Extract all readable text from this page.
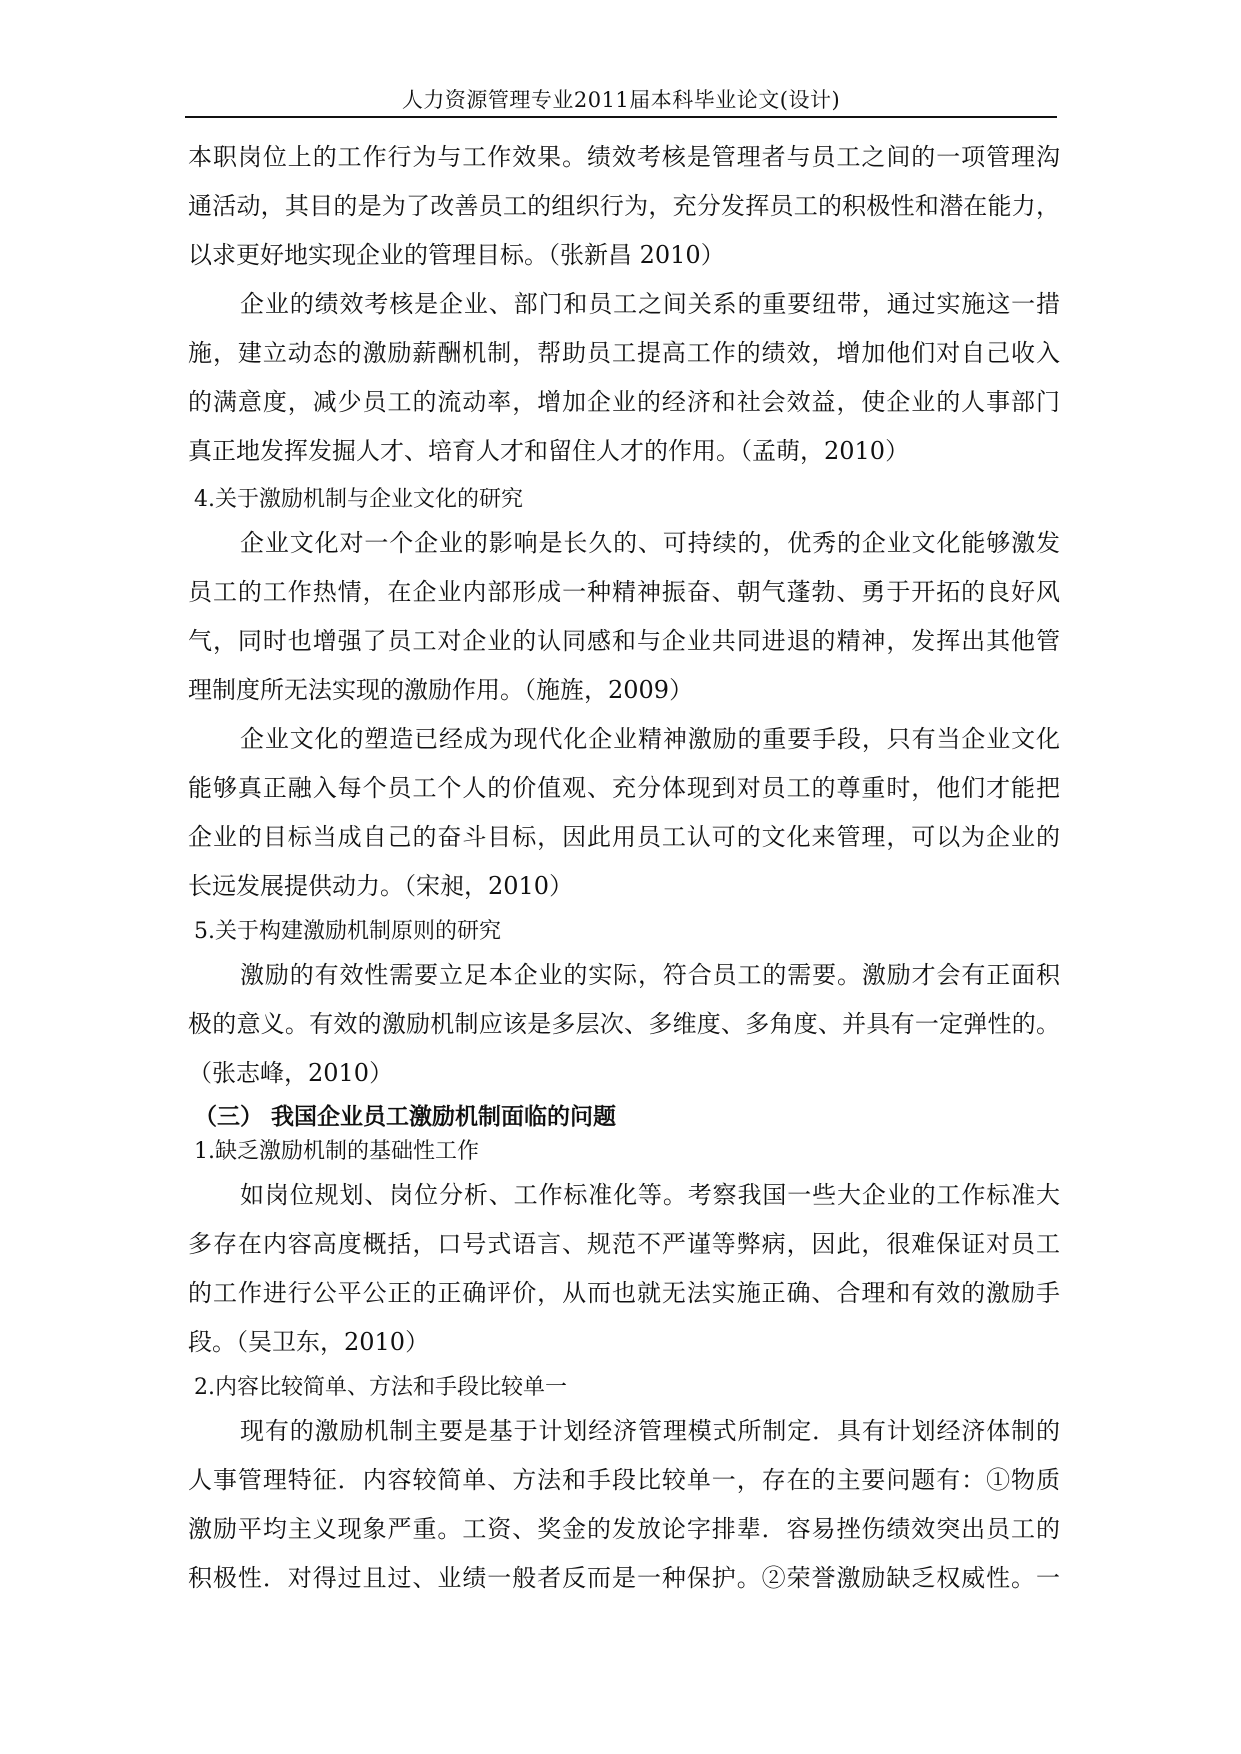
人力资源管理专业2011届本科毕业论文(设计)
本职岗位上的工作行为与工作效果。绩效考核是管理者与员工之间的一项管理沟
通活动，其目的是为了改善员工的组织行为，充分发挥员工的积极性和潜在能力，
以求更好地实现企业的管理目标。（张新昌 2010）
企业的绩效考核是企业、部门和员工之间关系的重要纽带，通过实施这一措
施，建立动态的激励薪酬机制，帮助员工提高工作的绩效，增加他们对自己收入
的满意度，减少员工的流动率，增加企业的经济和社会效益，使企业的人事部门
真正地发挥发掘人才、培育人才和留住人才的作用。（孟萌，2010）
4.关于激励机制与企业文化的研究
企业文化对一个企业的影响是长久的、可持续的，优秀的企业文化能够激发
员工的工作热情，在企业内部形成一种精神振奋、朝气蓬勃、勇于开拓的良好风
气，同时也增强了员工对企业的认同感和与企业共同进退的精神，发挥出其他管
理制度所无法实现的激励作用。（施旌，2009）
企业文化的塑造已经成为现代化企业精神激励的重要手段，只有当企业文化
能够真正融入每个员工个人的价值观、充分体现到对员工的尊重时，他们才能把
企业的目标当成自己的奋斗目标，因此用员工认可的文化来管理，可以为企业的
长远发展提供动力。（宋昶，2010）
5.关于构建激励机制原则的研究
激励的有效性需要立足本企业的实际，符合员工的需要。激励才会有正面积
极的意义。有效的激励机制应该是多层次、多维度、多角度、并具有一定弹性的。
（张志峰，2010）
（三） 我国企业员工激励机制面临的问题
1.缺乏激励机制的基础性工作
如岗位规划、岗位分析、工作标准化等。考察我国一些大企业的工作标准大
多存在内容高度概括，口号式语言、规范不严谨等弊病，因此，很难保证对员工
的工作进行公平公正的正确评价，从而也就无法实施正确、合理和有效的激励手
段。（吴卫东，2010）
2.内容比较简单、方法和手段比较单一
现有的激励机制主要是基于计划经济管理模式所制定．具有计划经济体制的
人事管理特征．内容较简单、方法和手段比较单一，存在的主要问题有：①物质
激励平均主义现象严重。工资、奖金的发放论字排辈．容易挫伤绩效突出员工的
积极性．对得过且过、业绩一般者反而是一种保护。②荣誉激励缺乏权威性。一
